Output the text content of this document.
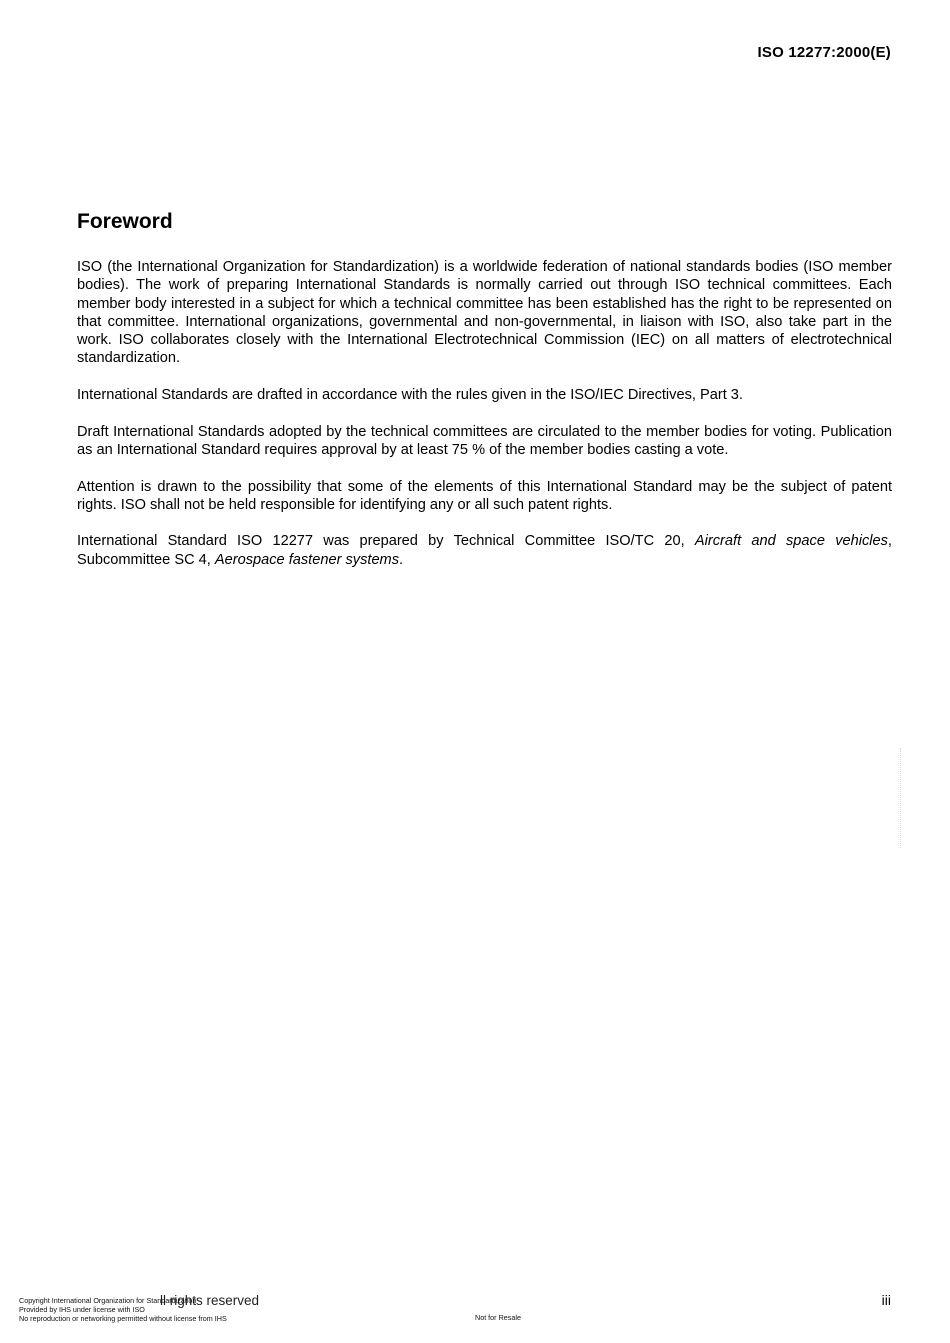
ISO 12277:2000(E)
Foreword

ISO (the International Organization for Standardization) is a worldwide federation of national standards bodies (ISO member bodies). The work of preparing International Standards is normally carried out through ISO technical committees. Each member body interested in a subject for which a technical committee has been established has the right to be represented on that committee. International organizations, governmental and non-governmental, in liaison with ISO, also take part in the work. ISO collaborates closely with the International Electrotechnical Commission (IEC) on all matters of electrotechnical standardization.

International Standards are drafted in accordance with the rules given in the ISO/IEC Directives, Part 3.

Draft International Standards adopted by the technical committees are circulated to the member bodies for voting. Publication as an International Standard requires approval by at least 75 % of the member bodies casting a vote.

Attention is drawn to the possibility that some of the elements of this International Standard may be the subject of patent rights. ISO shall not be held responsible for identifying any or all such patent rights.

International Standard ISO 12277 was prepared by Technical Committee ISO/TC 20, Aircraft and space vehicles, Subcommittee SC 4, Aerospace fastener systems.

ll rights reserved	iii
Copyright International Organization for Standardization
Provided by IHS under license with ISO
No reproduction or networking permitted without license from IHS	Not for Resale
